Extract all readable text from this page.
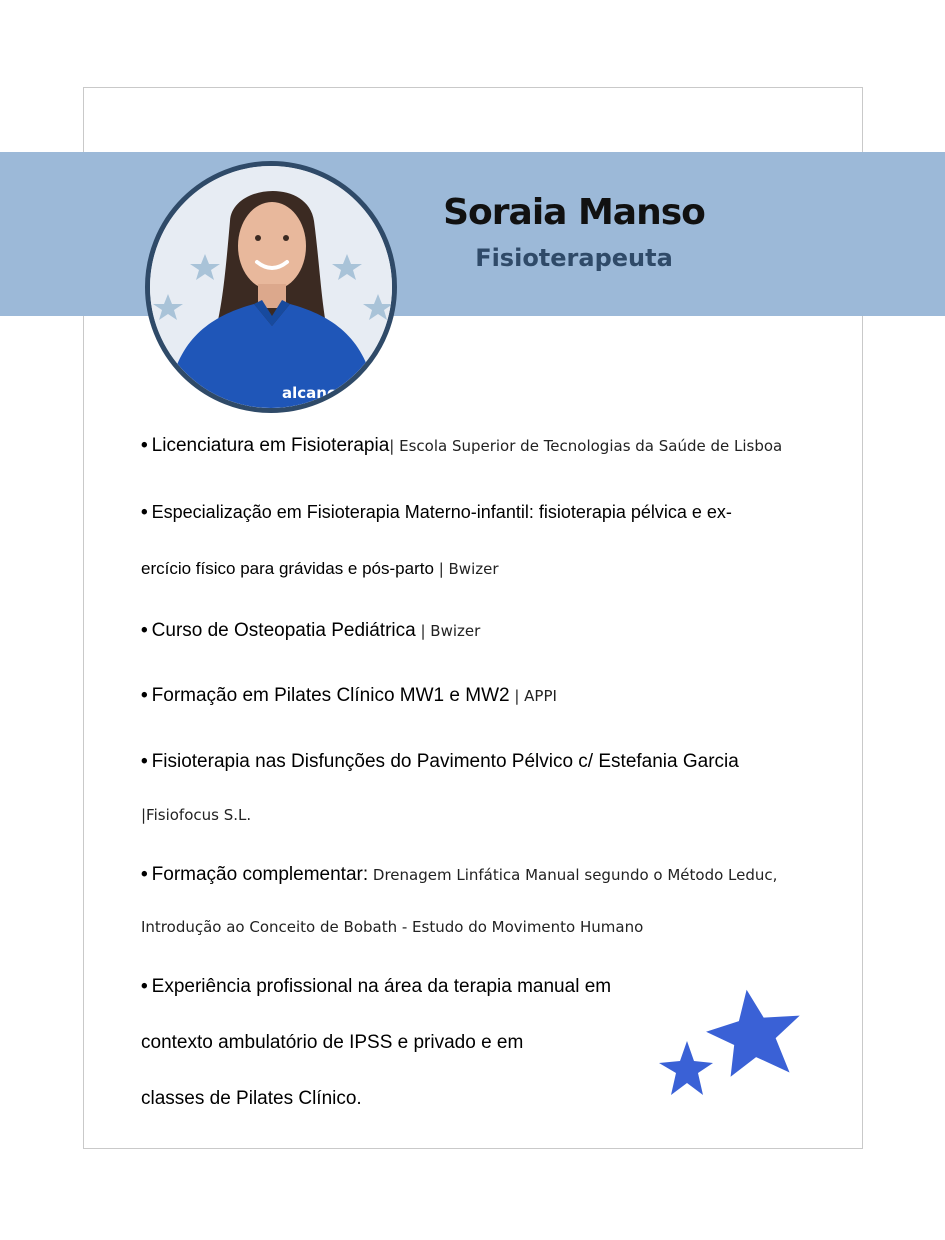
Soraia Manso
Fisioterapeuta
alcance
• Licenciatura em Fisioterapia| Escola Superior de Tecnologias da Saúde de Lisboa
• Especialização em Fisioterapia Materno-infantil: fisioterapia pélvica e ex-
ercício físico para grávidas e pós-parto | Bwizer
• Curso de Osteopatia Pediátrica | Bwizer
• Formação em Pilates Clínico MW1 e MW2 | APPI
• Fisioterapia nas Disfunções do Pavimento Pélvico c/ Estefania Garcia
|Fisiofocus S.L.
• Formação complementar: Drenagem Linfática Manual segundo o Método Leduc,
Introdução ao Conceito de Bobath - Estudo do Movimento Humano
• Experiência profissional na área da terapia manual em
contexto ambulatório de IPSS e privado e em
classes de Pilates Clínico.
